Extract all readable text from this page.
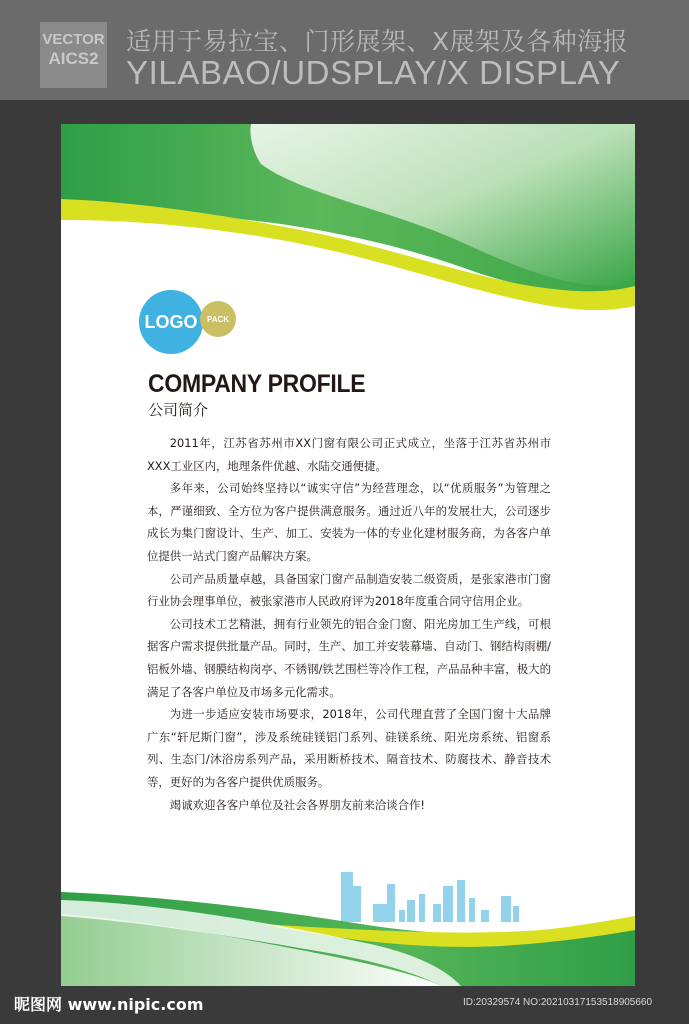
VECTOR
AICS2
适用于易拉宝、门形展架、X展架及各种海报
YILABAO/UDSPLAY/X DISPLAY
LOGO PACK
COMPANY PROFILE
公司简介

2011年，江苏省苏州市XX门窗有限公司正式成立，坐落于江苏省苏州市XXX工业区内，地理条件优越、水陆交通便捷。

多年来，公司始终坚持以“诚实守信”为经营理念，以“优质服务”为管理之本，严谨细致、全方位为客户提供满意服务。通过近八年的发展壮大，公司逐步成长为集门窗设计、生产、加工、安装为一体的专业化建材服务商，为各客户单位提供一站式门窗产品解决方案。

公司产品质量卓越，具备国家门窗产品制造安装二级资质，是张家港市门窗行业协会理事单位，被张家港市人民政府评为2018年度重合同守信用企业。

公司技术工艺精湛，拥有行业领先的铝合金门窗、阳光房加工生产线，可根据客户需求提供批量产品。同时，生产、加工并安装幕墙、自动门、钢结构雨棚/铝板外墙、钢膜结构岗亭、不锈钢/铁艺围栏等冷作工程，产品品种丰富，极大的满足了各客户单位及市场多元化需求。

为进一步适应安装市场要求，2018年，公司代理直营了全国门窗十大品牌广东“轩尼斯门窗”，涉及系统硅镁铝门系列、硅镁系统、阳光房系统、铝窗系列、生态门/沐浴房系列产品，采用断桥技术、隔音技术、防腐技术、静音技术等，更好的为各客户提供优质服务。

竭诚欢迎各客户单位及社会各界朋友前来洽谈合作!

昵图网 www.nipic.com	ID:20329574 NO:20210317153518905660
